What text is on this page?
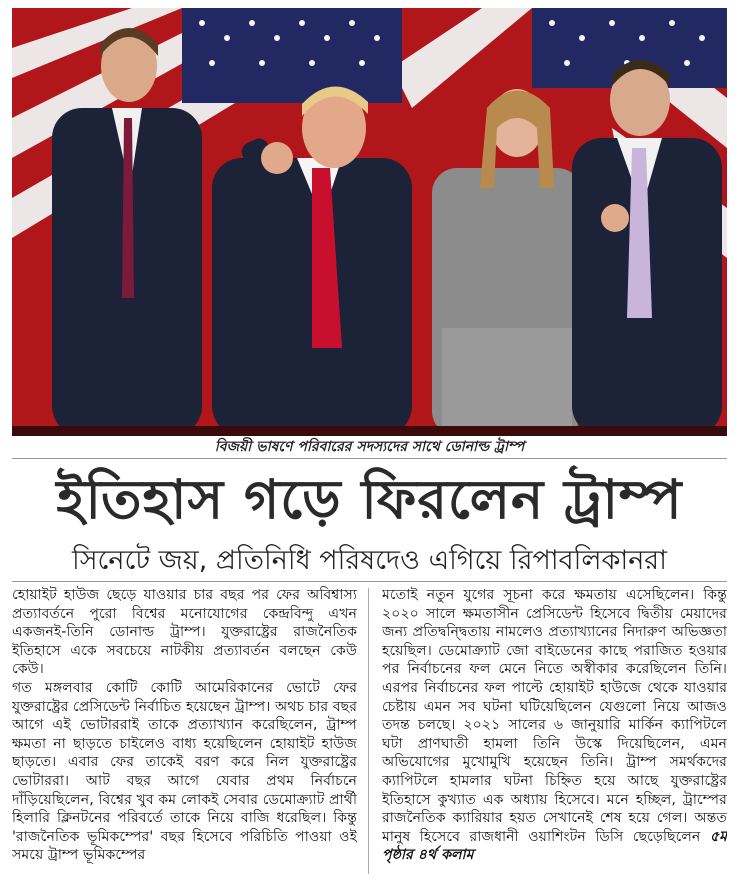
বিজয়ী ভাষণে পরিবারের সদস্যদের সাথে ডোনাল্ড ট্রাম্প
ইতিহাস গড়ে ফিরলেন ট্রাম্প
সিনেটে জয়, প্রতিনিধি পরিষদেও এগিয়ে রিপাবলিকানরা

হোয়াইট হাউজ ছেড়ে যাওয়ার চার বছর পর ফের অবিশ্বাস্য প্রত্যাবর্তনে পুরো বিশ্বের মনোযোগের কেন্দ্রবিন্দু এখন একজনই-তিনি ডোনাল্ড ট্রাম্প। যুক্তরাষ্ট্রের রাজনৈতিক ইতিহাসে একে সবচেয়ে নাটকীয় প্রত্যাবর্তন বলছেন কেউ কেউ।

গত মঙ্গলবার কোটি কোটি আমেরিকানের ভোটে ফের যুক্তরাষ্ট্রের প্রেসিডেন্ট নির্বাচিত হয়েছেন ট্রাম্প। অথচ চার বছর আগে এই ভোটাররাই তাকে প্রত্যাখ্যান করেছিলেন, ট্রাম্প ক্ষমতা না ছাড়তে চাইলেও বাধ্য হয়েছিলেন হোয়াইট হাউজ ছাড়তে। এবার ফের তাকেই বরণ করে নিল যুক্তরাষ্ট্রের ভোটাররা। আট বছর আগে যেবার প্রথম নির্বাচনে দাঁড়িয়েছিলেন, বিশ্বের খুব কম লোকই সেবার ডেমোক্র্যাট প্রার্থী হিলারি ক্লিনটনের পরিবর্তে তাকে নিয়ে বাজি ধরেছিল। কিন্তু 'রাজনৈতিক ভূমিকম্পের' বছর হিসেবে পরিচিতি পাওয়া ওই সময়ে ট্রাম্প ভূমিকম্পের

মতোই নতুন যুগের সূচনা করে ক্ষমতায় এসেছিলেন। কিন্তু ২০২০ সালে ক্ষমতাসীন প্রেসিডেন্ট হিসেবে দ্বিতীয় মেয়াদের জন্য প্রতিদ্বন্দ্বিতায় নামলেও প্রত্যাখ্যানের নিদারুণ অভিজ্ঞতা হয়েছিল। ডেমোক্র্যাট জো বাইডেনের কাছে পরাজিত হওয়ার পর নির্বাচনের ফল মেনে নিতে অস্বীকার করেছিলেন তিনি। এরপর নির্বাচনের ফল পাল্টে হোয়াইট হাউজে থেকে যাওয়ার চেষ্টায় এমন সব ঘটনা ঘটিয়েছিলেন যেগুলো নিয়ে আজও তদন্ত চলছে। ২০২১ সালের ৬ জানুয়ারি মার্কিন ক্যাপিটলে ঘটা প্রাণঘাতী হামলা তিনি উস্কে দিয়েছিলেন, এমন অভিযোগের মুখোমুখি হয়েছেন তিনি। ট্রাম্প সমর্থকদের ক্যাপিটলে হামলার ঘটনা চিহ্নিত হয়ে আছে যুক্তরাষ্ট্রের ইতিহাসে কুখ্যাত এক অধ্যায় হিসেবে। মনে হচ্ছিল, ট্রাম্পের রাজনৈতিক ক্যারিয়ার হয়ত সেখানেই শেষ হয়ে গেল। অন্তত মানুষ হিসেবে রাজধানী ওয়াশিংটন ডিসি ছেড়েছিলেন ৫ম পৃষ্ঠার ৪র্থ কলাম
